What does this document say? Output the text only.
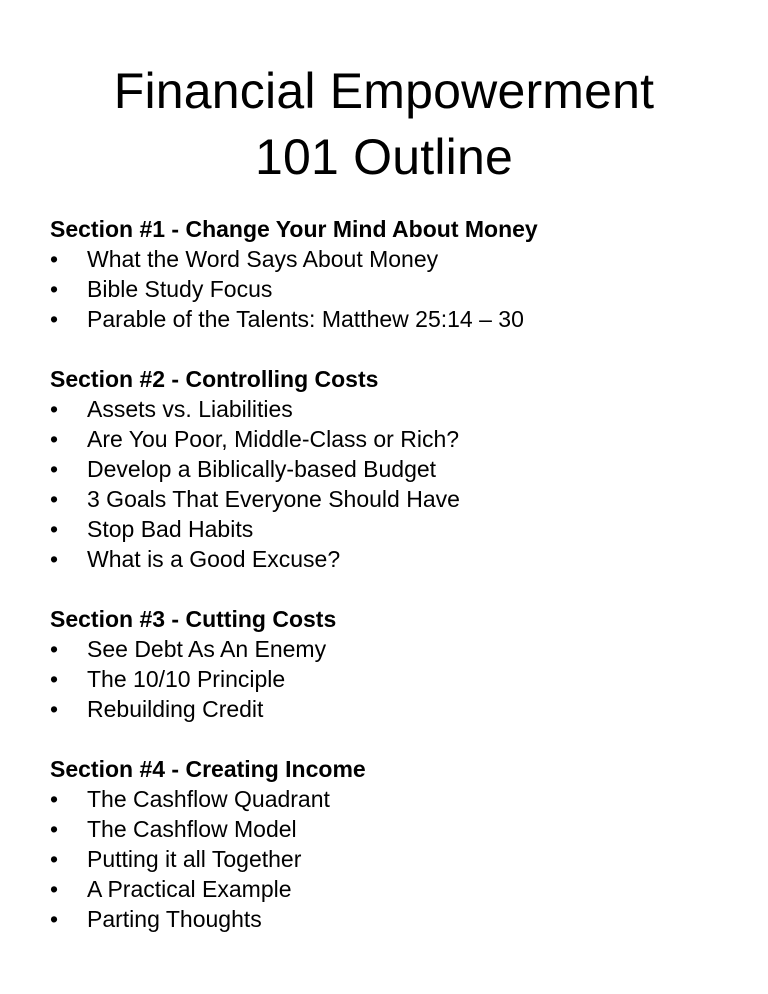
Financial Empowerment
101 Outline

Section #1 - Change Your Mind About Money

•	What the Word Says About Money
•	Bible Study Focus
•	Parable of the Talents: Matthew 25:14 – 30

Section #2 - Controlling Costs

•	Assets vs. Liabilities
•	Are You Poor, Middle-Class or Rich?
•	Develop a Biblically-based Budget
•	3 Goals That Everyone Should Have
•	Stop Bad Habits
•	What is a Good Excuse?

Section #3 - Cutting Costs

•	See Debt As An Enemy
•	The 10/10 Principle
•	Rebuilding Credit

Section #4 - Creating Income

•	The Cashflow Quadrant
•	The Cashflow Model
•	Putting it all Together
•	A Practical Example
•	Parting Thoughts
